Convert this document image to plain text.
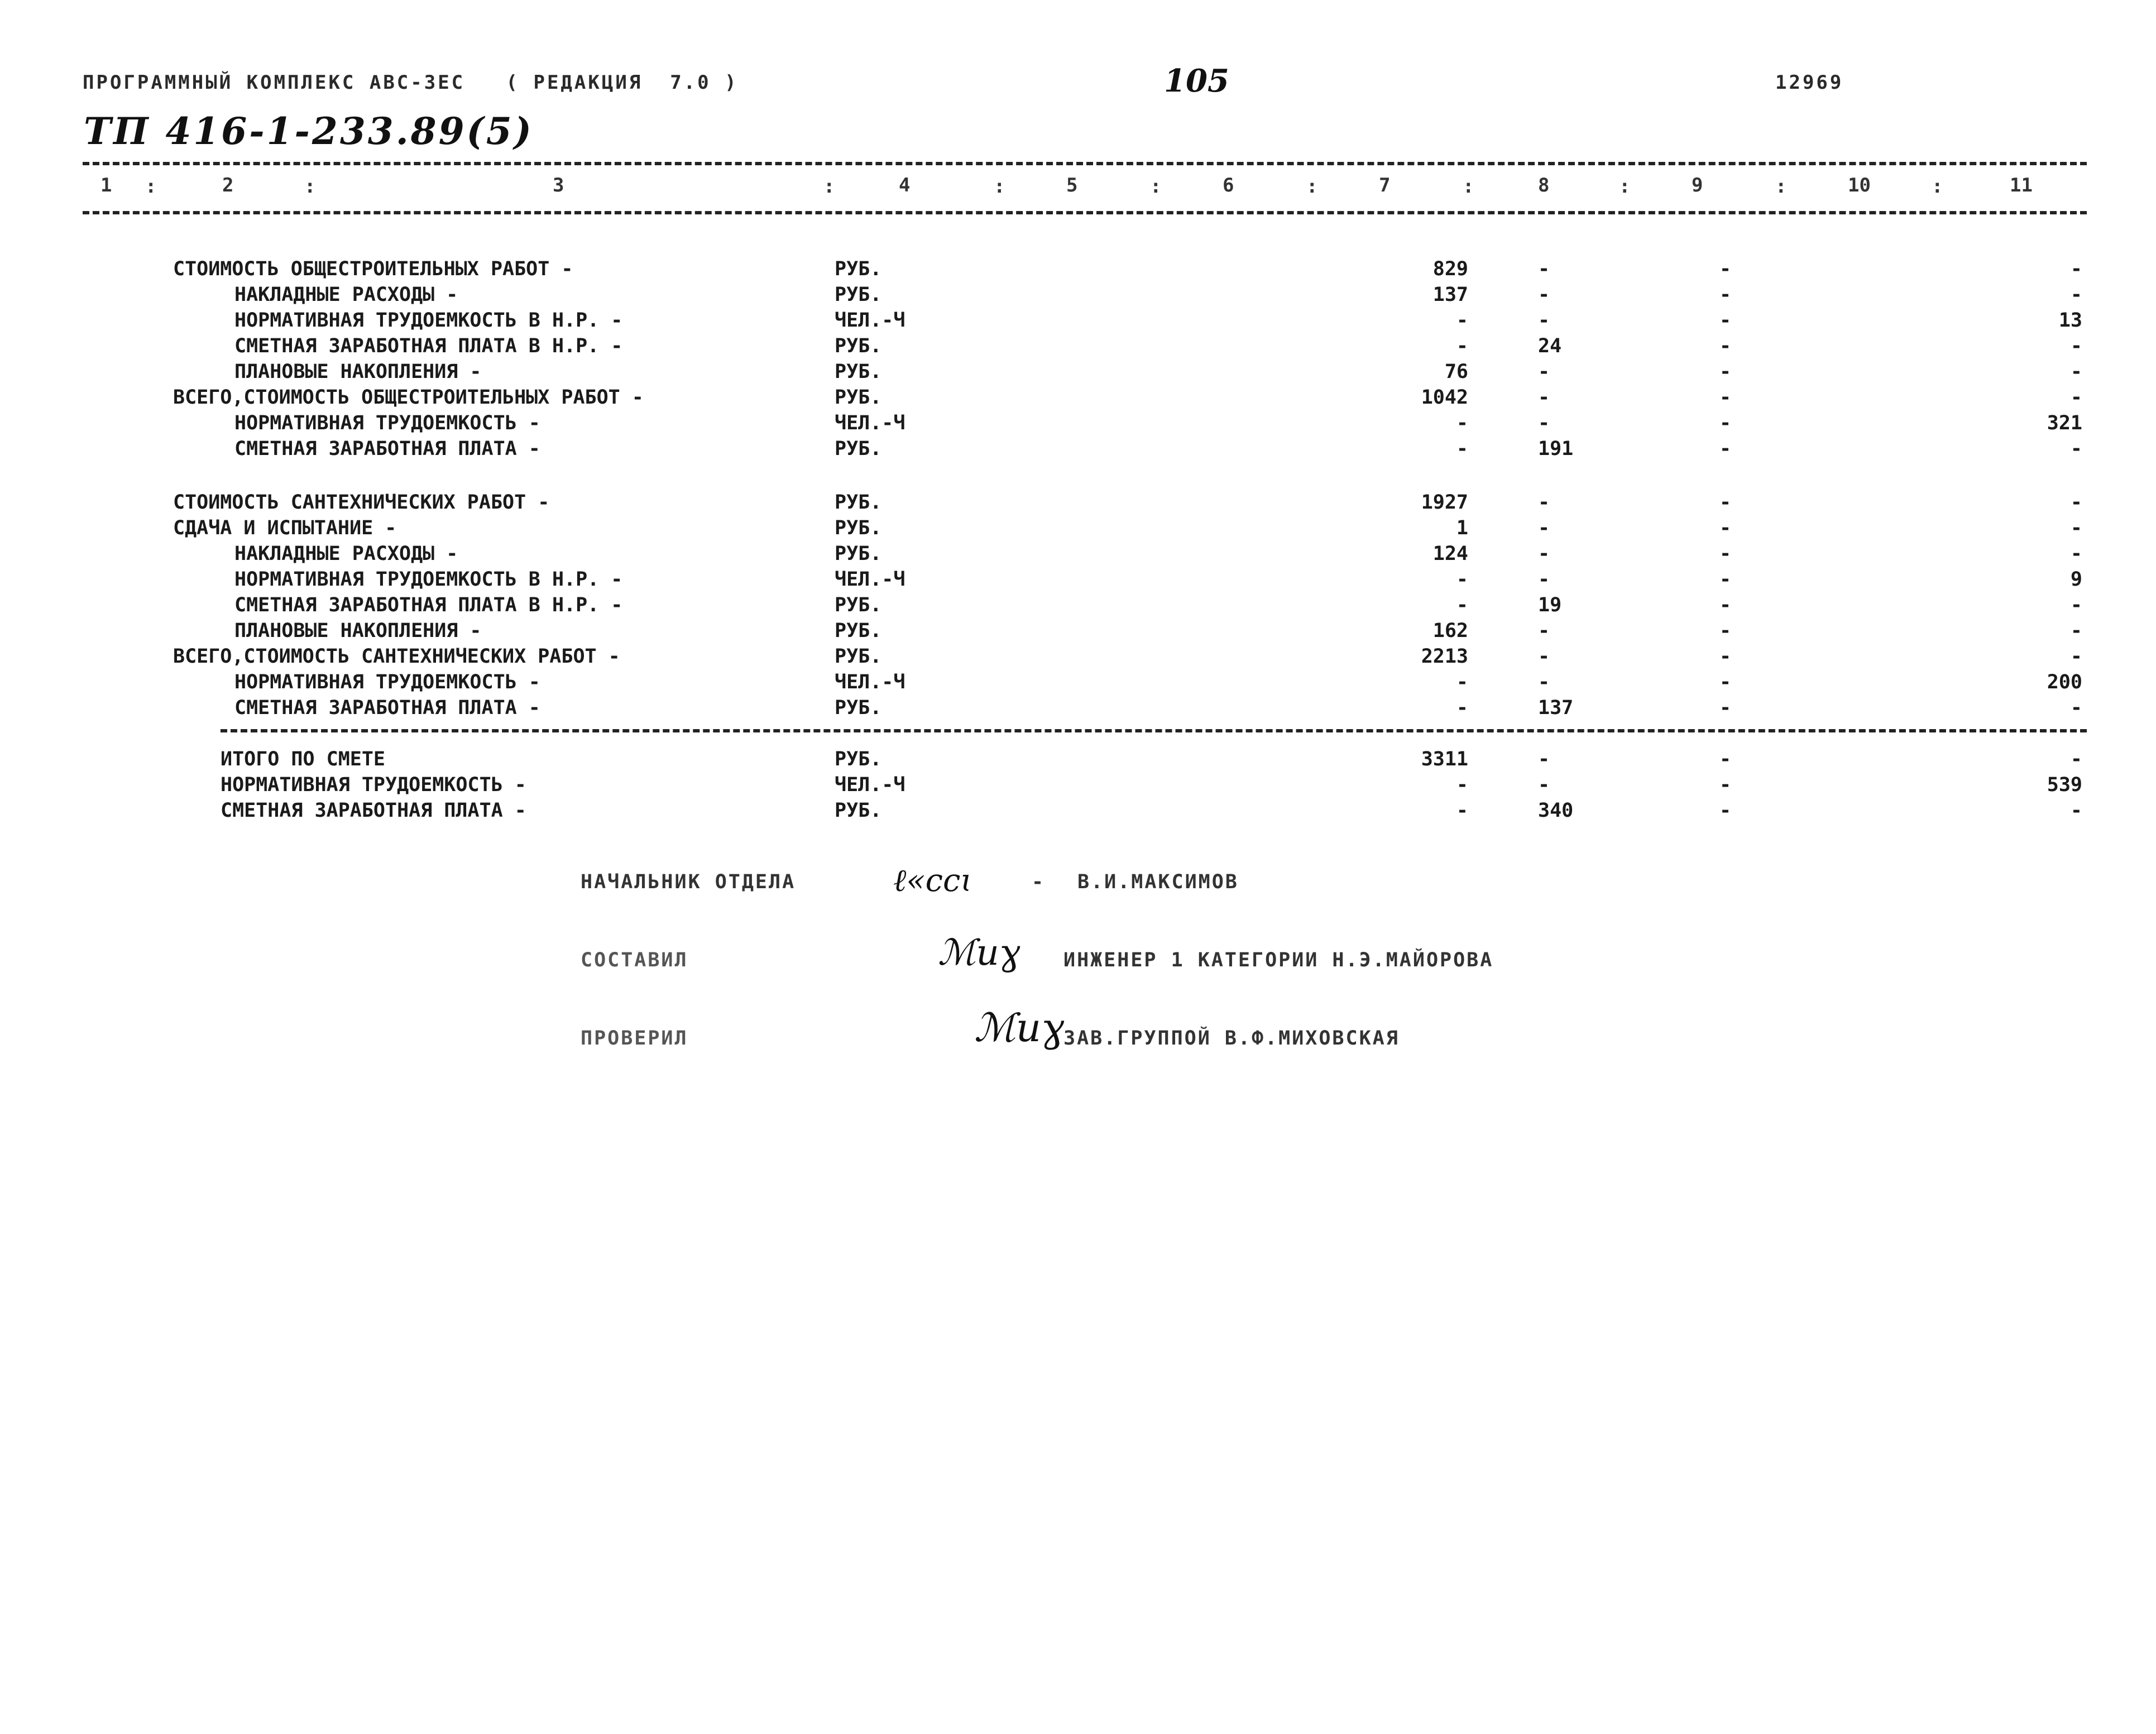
ПРОГРАММНЫЙ КОМПЛЕКС АВС-3ЕС   ( РЕДАКЦИЯ  7.0 )	105	12969
ТП 416-1-233.89(5)
1	2	3	4	5	6	7	8	9	10	11
:	:	:	:	:	:	:	:	:	:
СТОИМОСТЬ ОБЩЕСТРОИТЕЛЬНЫХ РАБОТ -	РУБ.	829	-	-	-
НАКЛАДНЫЕ РАСХОДЫ -	РУБ.	137	-	-	-
НОРМАТИВНАЯ ТРУДОЕМКОСТЬ В Н.Р. -	ЧЕЛ.-Ч	-	-	-	13
СМЕТНАЯ ЗАРАБОТНАЯ ПЛАТА В Н.Р. -	РУБ.	-	24	-	-
ПЛАНОВЫЕ НАКОПЛЕНИЯ -	РУБ.	76	-	-	-
ВСЕГО,СТОИМОСТЬ ОБЩЕСТРОИТЕЛЬНЫХ РАБОТ -	РУБ.	1042	-	-	-
НОРМАТИВНАЯ ТРУДОЕМКОСТЬ -	ЧЕЛ.-Ч	-	-	-	321
СМЕТНАЯ ЗАРАБОТНАЯ ПЛАТА -	РУБ.	-	191	-	-
СТОИМОСТЬ САНТЕХНИЧЕСКИХ РАБОТ -	РУБ.	1927	-	-	-
СДАЧА И ИСПЫТАНИЕ -	РУБ.	1	-	-	-
НАКЛАДНЫЕ РАСХОДЫ -	РУБ.	124	-	-	-
НОРМАТИВНАЯ ТРУДОЕМКОСТЬ В Н.Р. -	ЧЕЛ.-Ч	-	-	-	9
СМЕТНАЯ ЗАРАБОТНАЯ ПЛАТА В Н.Р. -	РУБ.	-	19	-	-
ПЛАНОВЫЕ НАКОПЛЕНИЯ -	РУБ.	162	-	-	-
ВСЕГО,СТОИМОСТЬ САНТЕХНИЧЕСКИХ РАБОТ -	РУБ.	2213	-	-	-
НОРМАТИВНАЯ ТРУДОЕМКОСТЬ -	ЧЕЛ.-Ч	-	-	-	200
СМЕТНАЯ ЗАРАБОТНАЯ ПЛАТА -	РУБ.	-	137	-	-
ИТОГО ПО СМЕТЕ	РУБ.	3311	-	-	-
НОРМАТИВНАЯ ТРУДОЕМКОСТЬ -	ЧЕЛ.-Ч	-	-	-	539
СМЕТНАЯ ЗАРАБОТНАЯ ПЛАТА -	РУБ.	-	340	-	-
НАЧАЛЬНИК ОТДЕЛА	ℓ«ссɩ	- В.И.МАКСИМОВ
СОСТАВИЛ	ℳиɣ ИНЖЕНЕР 1 КАТЕГОРИИ Н.Э.МАЙОРОВА
ПРОВЕРИЛ	ℳиɣ
ЗАВ.ГРУППОЙ В.Ф.МИХОВСКАЯ
